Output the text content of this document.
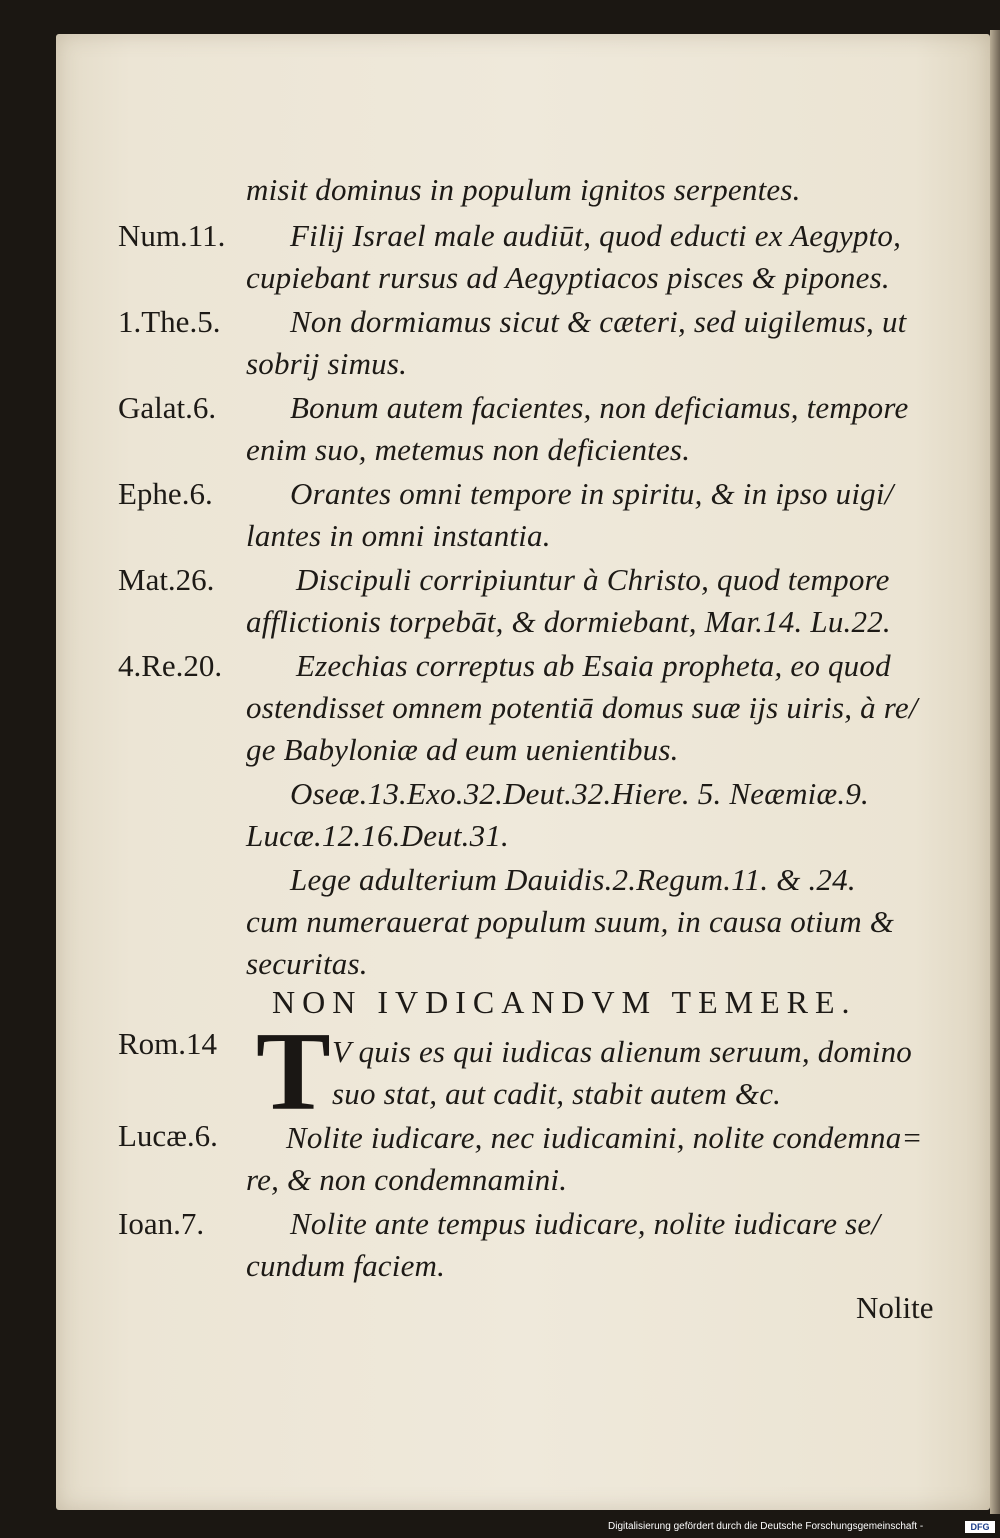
misit dominus in populum ignitos serpentes.
Num.11. Filij Israel male audiūt, quod educti ex Aegypto,
cupiebant rursus ad Aegyptiacos pisces & pipones.
1.The.5. Non dormiamus sicut & cæteri, sed uigilemus, ut
sobrij simus.
Galat.6. Bonum autem facientes, non deficiamus, tempore
enim suo, metemus non deficientes.
Ephe.6. Orantes omni tempore in spiritu, & in ipso uigi/
lantes in omni instantia.
Mat.26.	Discipuli corripiuntur à Christo, quod tempore
afflictionis torpebāt, & dormiebant, Mar.14. Lu.22.
4.Re.20. Ezechias correptus ab Esaia propheta, eo quod
ostendisset omnem potentiā domus suæ ijs uiris, à re/
ge Babyloniæ ad eum uenientibus.
Oseæ.13.Exo.32.Deut.32.Hiere. 5. Neæmiæ.9.
Lucæ.12.16.Deut.31.
Lege adulterium Dauidis.2.Regum.11. & .24.
cum numerauerat populum suum, in causa otium &
securitas.
NON IVDICANDVM TEMERE.
Rom.14 T V quis es qui iudicas alienum seruum, domino
suo stat, aut cadit, stabit autem &c.
Lucæ.6. Nolite iudicare, nec iudicamini, nolite condemna=
re, & non condemnamini.
Ioan.7.	Nolite ante tempus iudicare, nolite iudicare se/
cundum faciem.
Nolite
Digitalisierung gefördert durch die Deutsche Forschungsgemeinschaft -	DFG
